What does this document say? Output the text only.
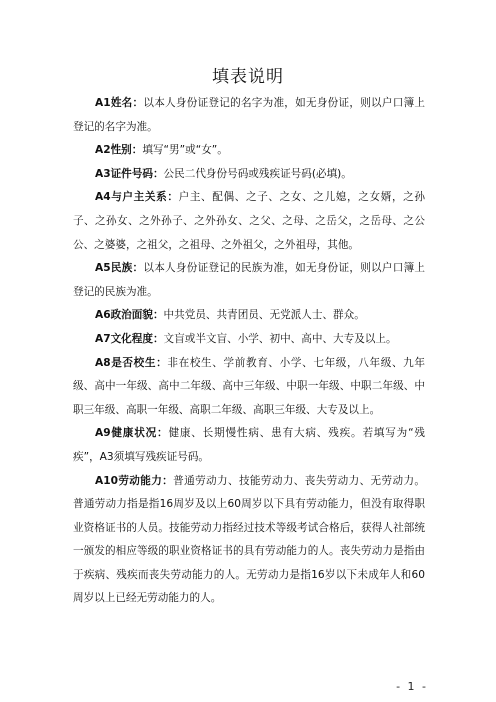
填表说明

A1姓名：以本人身份证登记的名字为准，如无身份证，则以户口簿上登记的名字为准。

A2性别：填写“男”或“女”。

A3证件号码：公民二代身份号码或残疾证号码(必填)。

A4与户主关系：户主、配偶、之子、之女、之儿媳，之女婿，之孙子、之孙女、之外孙子、之外孙女、之父、之母、之岳父，之岳母、之公公、之婆婆，之祖父，之祖母、之外祖父，之外祖母，其他。

A5民族：以本人身份证登记的民族为准，如无身份证，则以户口簿上登记的民族为准。

A6政治面貌：中共党员、共青团员、无党派人士、群众。

A7文化程度：文盲或半文盲、小学、初中、高中、大专及以上。

A8是否校生：非在校生、学前教育、小学、七年级，八年级、九年级、高中一年级、高中二年级、高中三年级、中职一年级、中职二年级、中职三年级、高职一年级、高职二年级、高职三年级、大专及以上。

A9健康状况：健康、长期慢性病、患有大病、残疾。若填写为“残疾”，A3须填写残疾证号码。

A10劳动能力：普通劳动力、技能劳动力、丧失劳动力、无劳动力。普通劳动力指是指16周岁及以上60周岁以下具有劳动能力，但没有取得职业资格证书的人员。技能劳动力指经过技术等级考试合格后，获得人社部统一颁发的相应等级的职业资格证书的具有劳动能力的人。丧失劳动力是指由于疾病、残疾而丧失劳动能力的人。无劳动力是指16岁以下未成年人和60周岁以上已经无劳动能力的人。

- 1 -
